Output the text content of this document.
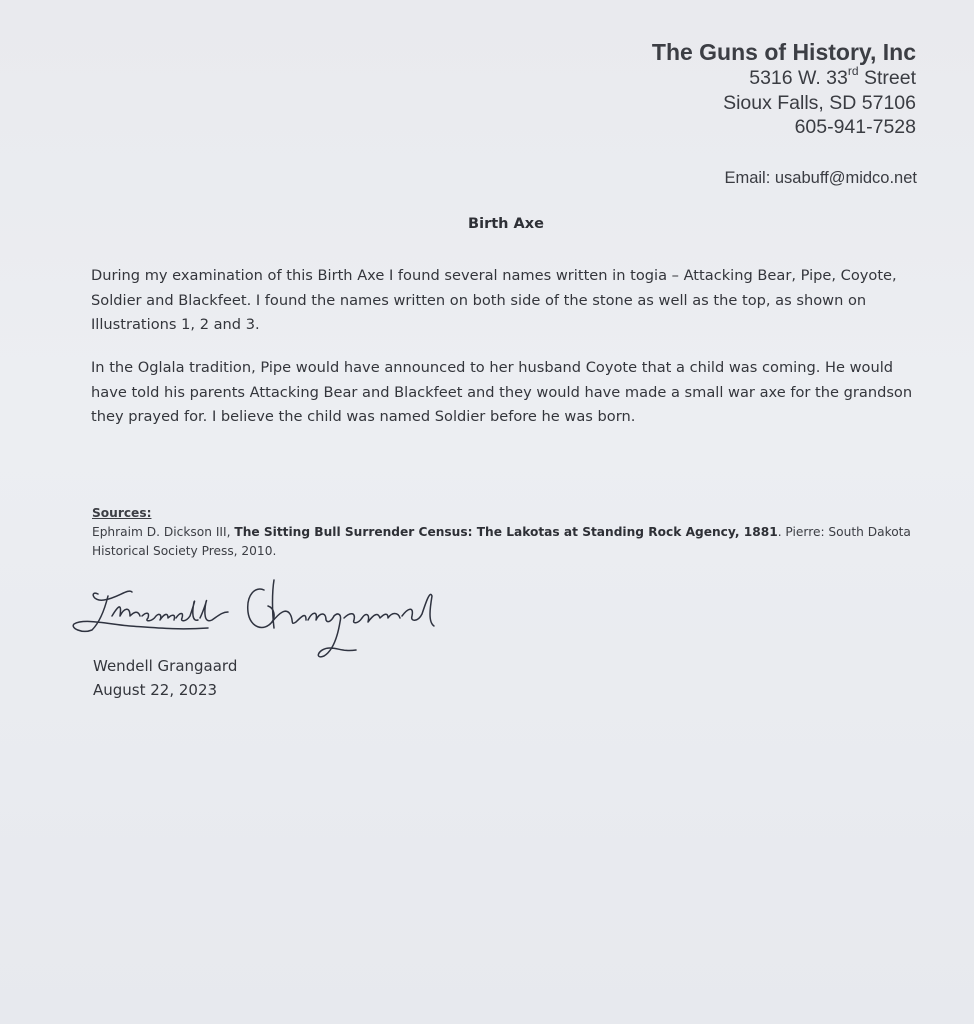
The Guns of History, Inc
5316 W. 33rd Street
Sioux Falls, SD 57106
605-941-7528
Email: usabuff@midco.net
Birth Axe

During my examination of this Birth Axe I found several names written in togia – Attacking Bear, Pipe, Coyote, Soldier and Blackfeet. I found the names written on both side of the stone as well as the top, as shown on Illustrations 1, 2 and 3.

In the Oglala tradition, Pipe would have announced to her husband Coyote that a child was coming. He would have told his parents Attacking Bear and Blackfeet and they would have made a small war axe for the grandson they prayed for. I believe the child was named Soldier before he was born.

Sources:
Ephraim D. Dickson III, The Sitting Bull Surrender Census: The Lakotas at Standing Rock Agency, 1881. Pierre: South Dakota Historical Society Press, 2010.
Wendell Grangaard
August 22, 2023
